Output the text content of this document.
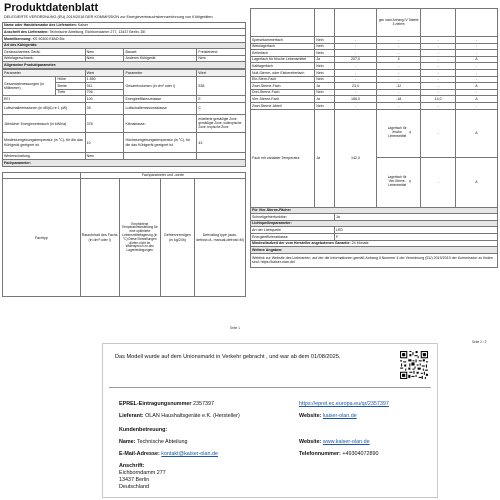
Produktdatenblatt
DELEGIERTE VERORDNUNG (EU) 2019/2016 DER KOMMISSION zur Energieverbrauchskennzeichnung von Kühlgeräten
Name oder Handelsmarke des Lieferanten: Kaiser			
Anschrift des Lieferanten: Technische Abteilung, Eichborndamm 277, 13437 Berlin, DE			
Modellkennung: KS 90300 ElfAD Bic			
Art des Kühlgeräts:			
Geräuscharmes Gerät:	Nein	Bauart:	Freistehend
Weinlagerschrank:	Nein	Anderes Kühlgerät:	Nein
Allgemeine Produktparameter:			
Parameter		Wert	Parameter	Wert
Gesamtabmessungen (in Millimeter)	Höhe	1 850	Gesamtvolumen (in dm³ oder l)	538
	Breite	911		
	Tiefe	706		
EEI		100	Energieeffizienzklasse	E
Luftschallemissionen (in dB(A) re 1 pW)		39	Luftschallemissionsklasse	C
Jährlicher Energieverbrauch (in kWh/a)		378	Klimaklasse:	erweiterte gemäßigte Zone, gemäßigte Zone, subtropische Zone, tropische Zone
Mindestumgebungstemperatur (in °C), für die das Kühlgerät geeignet ist		10	Höchstumgebungstemperatur (in °C), für die das Kühlgerät geeignet ist	43
Winterschaltung		Nein		
Fachparameter:				
	Fachparameter und -werte			
Fachtyp	Rauminhalt des Fachs (in dm³ oder l)	Empfohlene Temperatureinstellung für eine optimierte Lebensmittellagerung (in °C) Diese Einstellungen dürfen nicht im Widerspruch zu den Lagerbedingungen	Gefriervermögen (in kg/24h)	Defrosting type (auto-defrost=A, manual-defrost=M)
Seite 1
			gen nach Anhang IV Tabelle 3 ziehen		
Speisekammerfach	Nein	-	-	-	-
Weinlagerfach	Nein	-	-	-	-
Kellerfach	Nein	-	-	-	-
Lagerfach für frische Lebensmittel	Ja	207,0	4	-	A
Kaltlagerfach	Nein	-	-	-	-
Null-Sterne- oder Eisbereiterfach	Nein	-	-	-	-
Ein-Stern-Fach	Nein	-	-	-	-
Zwei-Sterne-Fach	Ja	23,0	-12	-	A
Drei-Sterne-Fach	Nein	-	-	-	-
Vier-Sterne-Fach	Ja	166,0	-18	14,0	A
Zwei-Sterne-Abteil	Nein	-	-	-	-
Fach mit variabler Temperatur	Ja	142,0	Lagerfach für frische Lebensmittel 4	-	A
			Lagerfach für Vier-Sterne-Lebensmittel 0	-	A
Für Vier-Sterne-Fächer					
Schnellgefrierfunktion		Ja			
Lichtquellenparameter:					
Art der Lichtquelle		LED			
Energieeffizienzklasse		F			
Mindestlaufzeit der vom Hersteller angebotenen Garantie: 24 Monate					
Weitere Angaben:					
Weblink zur Website des Lieferanten, auf der die Informationen gemäß Anhang II Nummer 4 der Verordnung (EU) 2019/2019 der Kommission zu finden sind: https://kaiser-olan.de/					
Seite 2 / 3
Das Modell wurde auf dem Unionsmarkt in Verkehr gebracht , und war ab dem 01/08/2025.
EPREL-Eintragungsnummer 2357397	https://eprel.ec.europa.eu/qr/2357397
Lieferant: OLAN Haushaltsgeräte e.K. (Hersteller)	Website: kaiser-olan.de
Kundenbetreuung:
Name: Technische Abteilung	Website: www.kaiser-olan.de
E-Mail-Adresse: kontakt@kaiser-olan.de	Telefonnummer: +49304072890
Anschrift:
Eichborndamm 277
13437 Berlin
Deutschland
